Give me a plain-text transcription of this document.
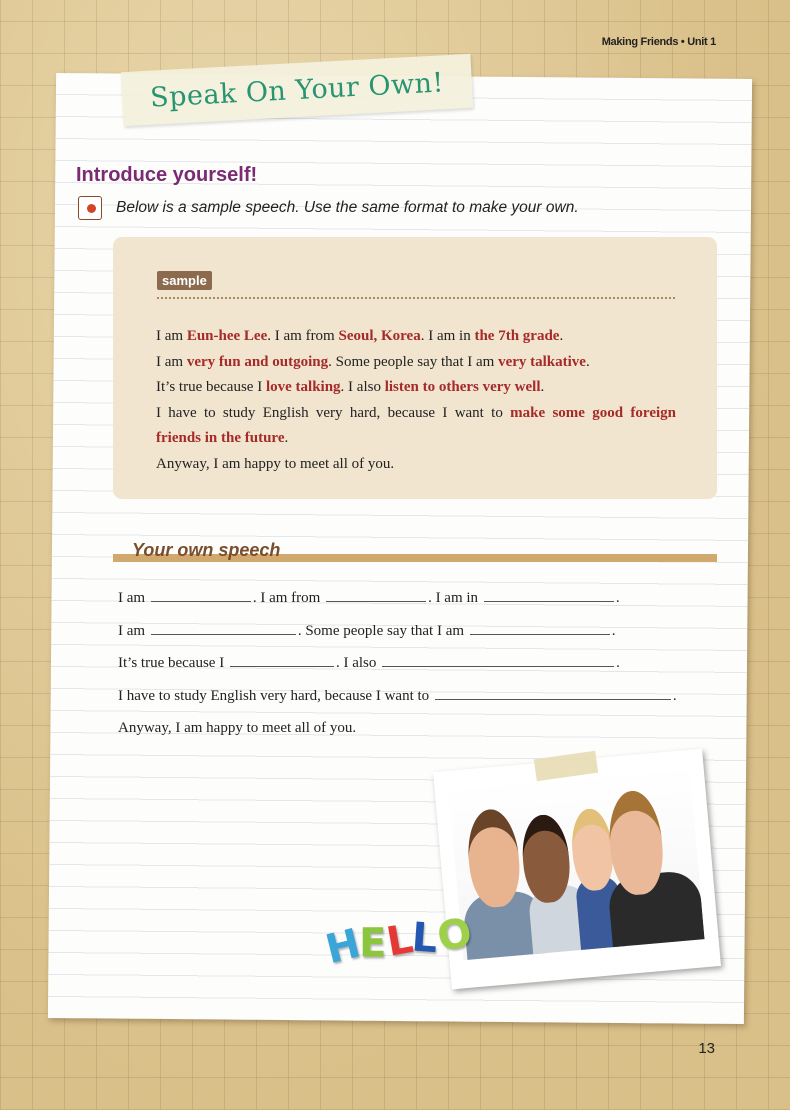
Making Friends • Unit 1
Speak On Your Own!
Introduce yourself!
Below is a sample speech. Use the same format to make your own.
sample

I am Eun-hee Lee. I am from Seoul, Korea. I am in the 7th grade.

I am very fun and outgoing. Some people say that I am very talkative.

It’s true because I love talking. I also listen to others very well.

I have to study English very hard, because I want to make some good foreign

friends in the future.

Anyway, I am happy to meet all of you.

Your own speech

I am	. I am from	. I am in	.

I am	. Some people say that I am	.

It’s true because I	. I also	.

I have to study English very hard, because I want to	.

Anyway, I am happy to meet all of you.

H
E
L
L
O
13
